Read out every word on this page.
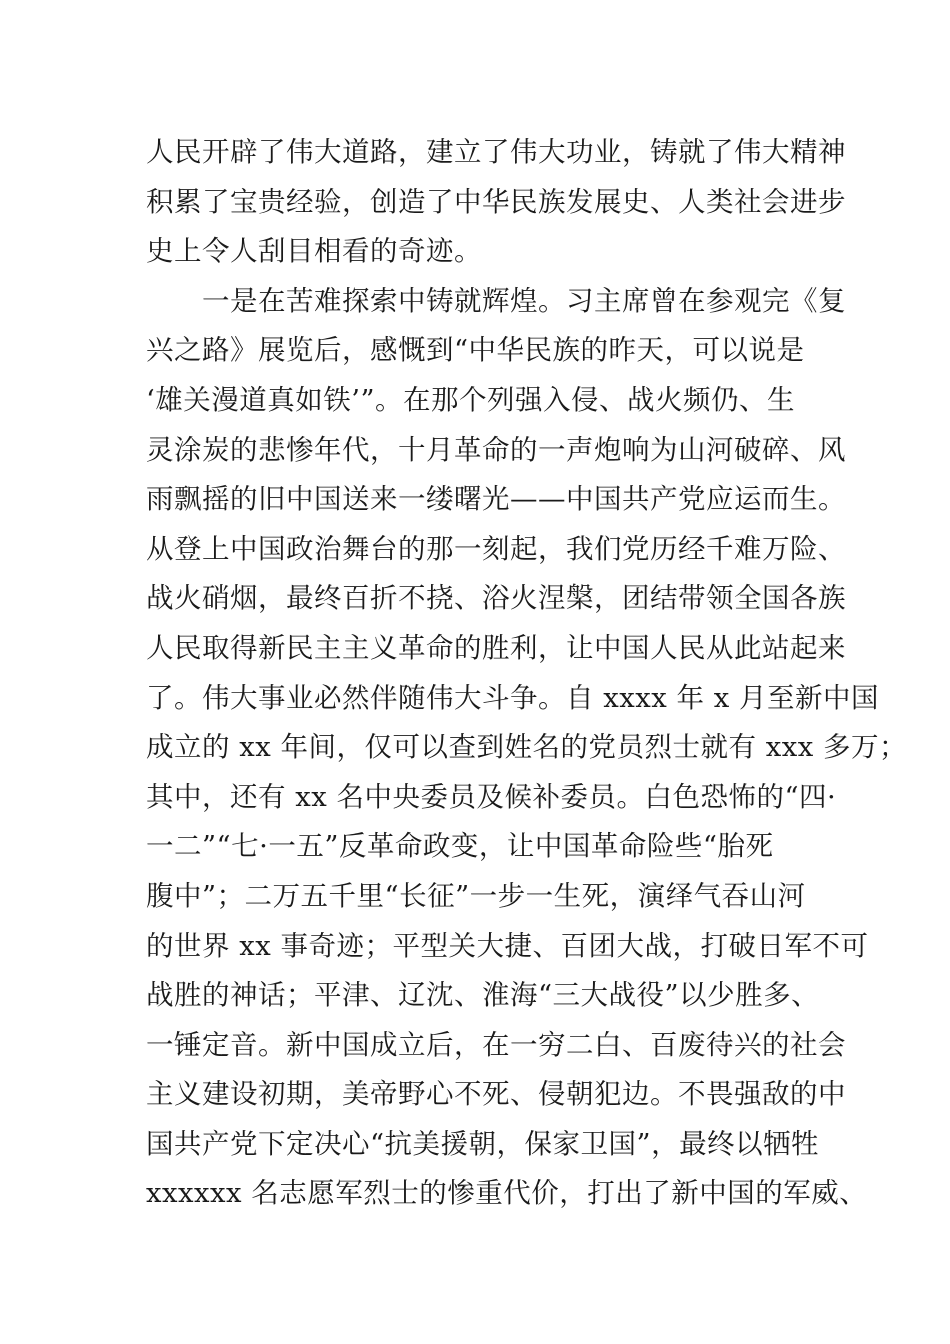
人民开辟了伟大道路，建立了伟大功业，铸就了伟大精神
积累了宝贵经验，创造了中华民族发展史、人类社会进步
史上令人刮目相看的奇迹。
一是在苦难探索中铸就辉煌。习主席曾在参观完《复
兴之路》展览后，感慨到“中华民族的昨天，可以说是
‘雄关漫道真如铁’”。在那个列强入侵、战火频仍、生
灵涂炭的悲惨年代，十月革命的一声炮响为山河破碎、风
雨飘摇的旧中国送来一缕曙光——中国共产党应运而生。
从登上中国政治舞台的那一刻起，我们党历经千难万险、
战火硝烟，最终百折不挠、浴火涅槃，团结带领全国各族
人民取得新民主主义革命的胜利，让中国人民从此站起来
了。伟大事业必然伴随伟大斗争。自 xxxx 年 x 月至新中国
成立的 xx 年间，仅可以查到姓名的党员烈士就有 xxx 多万；
其中，还有 xx 名中央委员及候补委员。白色恐怖的“四·
一二”“七·一五”反革命政变，让中国革命险些“胎死
腹中”；二万五千里“长征”一步一生死，演绎气吞山河
的世界 xx 事奇迹；平型关大捷、百团大战，打破日军不可
战胜的神话；平津、辽沈、淮海“三大战役”以少胜多、
一锤定音。新中国成立后，在一穷二白、百废待兴的社会
主义建设初期，美帝野心不死、侵朝犯边。不畏强敌的中
国共产党下定决心“抗美援朝，保家卫国”，最终以牺牲
xxxxxx 名志愿军烈士的惨重代价，打出了新中国的军威、
